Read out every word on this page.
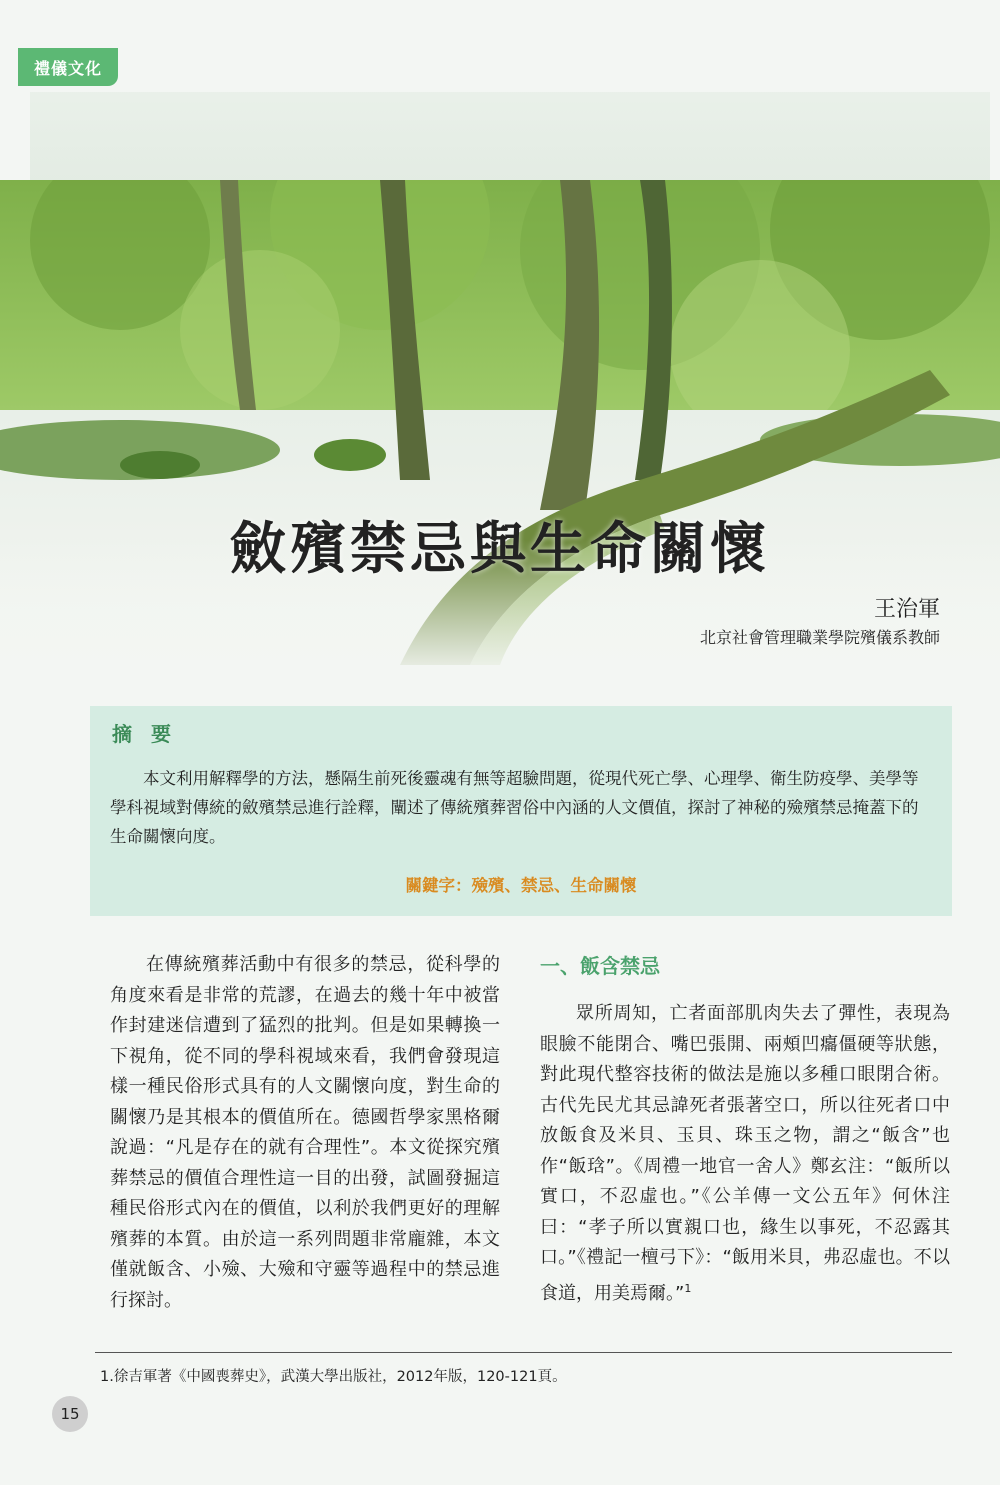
禮儀文化
斂殯禁忌與生命關懷
王治軍
北京社會管理職業學院殯儀系教師
摘 要
本文利用解釋學的方法，懸隔生前死後靈魂有無等超驗問題，從現代死亡學、心理學、衛生防疫學、美學等學科視域對傳統的斂殯禁忌進行詮釋，闡述了傳統殯葬習俗中內涵的人文價值，探討了神秘的殮殯禁忌掩蓋下的生命關懷向度。
關鍵字：殮殯、禁忌、生命關懷
在傳統殯葬活動中有很多的禁忌，從科學的角度來看是非常的荒謬，在過去的幾十年中被當作封建迷信遭到了猛烈的批判。但是如果轉換一下視角，從不同的學科視域來看，我們會發現這樣一種民俗形式具有的人文關懷向度，對生命的關懷乃是其根本的價值所在。德國哲學家黑格爾說過：“凡是存在的就有合理性”。本文從探究殯葬禁忌的價值合理性這一目的出發，試圖發掘這種民俗形式內在的價值，以利於我們更好的理解殯葬的本質。由於這一系列問題非常龐雜，本文僅就飯含、小殮、大殮和守靈等過程中的禁忌進行探討。
一、飯含禁忌
眾所周知，亡者面部肌肉失去了彈性，表現為眼臉不能閉合、嘴巴張開、兩頰凹癟僵硬等狀態，對此現代整容技術的做法是施以多種口眼閉合術。古代先民尤其忌諱死者張著空口，所以往死者口中放飯食及米貝、玉貝、珠玉之物，謂之“飯含”也作“飯琀”。《周禮一地官一舍人》鄭玄注：“飯所以實口，不忍虛也。”《公羊傳一文公五年》何休注曰：“孝子所以實親口也，緣生以事死，不忍露其口。”《禮記一檀弓下》：“飯用米貝，弗忍虛也。不以食道，用美焉爾。”$^1$
1.徐吉軍著《中國喪葬史》，武漢大學出版社，2012年版，120-121頁。
15
